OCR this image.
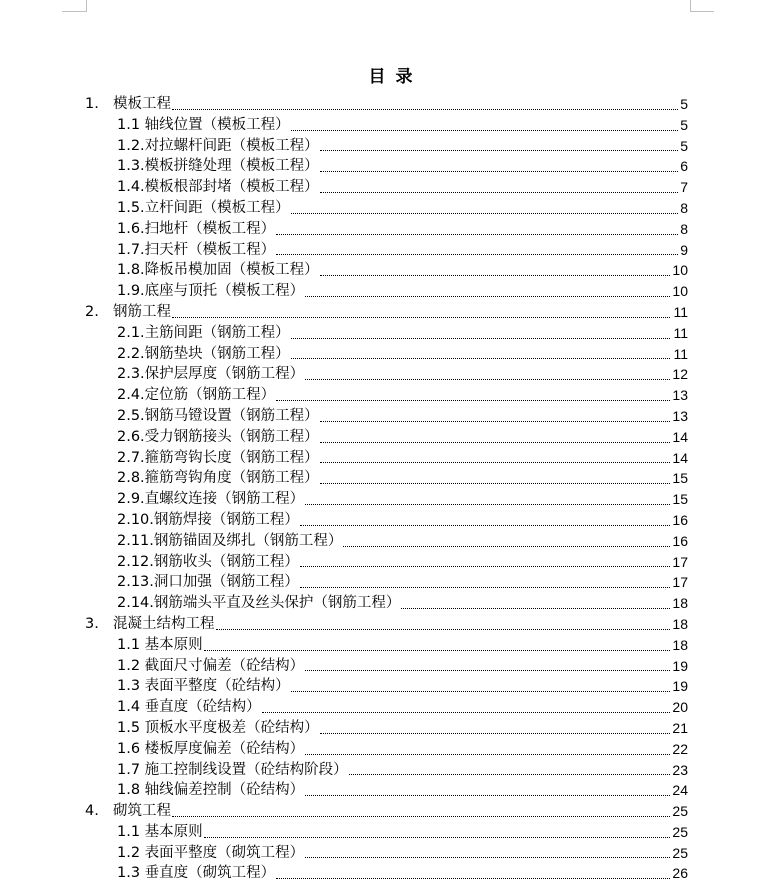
目 录
1. 模板工程	5
1.1 轴线位置（模板工程）	5
1.2.对拉螺杆间距（模板工程）	5
1.3.模板拼缝处理（模板工程）	6
1.4.模板根部封堵（模板工程）	7
1.5.立杆间距（模板工程）	8
1.6.扫地杆（模板工程）	8
1.7.扫天杆（模板工程）	9
1.8.降板吊模加固（模板工程）	10
1.9.底座与顶托（模板工程）	10
2. 钢筋工程	11
2.1.主筋间距（钢筋工程）	11
2.2.钢筋垫块（钢筋工程）	11
2.3.保护层厚度（钢筋工程）	12
2.4.定位筋（钢筋工程）	13
2.5.钢筋马镫设置（钢筋工程）	13
2.6.受力钢筋接头（钢筋工程）	14
2.7.箍筋弯钩长度（钢筋工程）	14
2.8.箍筋弯钩角度（钢筋工程）	15
2.9.直螺纹连接（钢筋工程）	15
2.10.钢筋焊接（钢筋工程）	16
2.11.钢筋锚固及绑扎（钢筋工程）	16
2.12.钢筋收头（钢筋工程）	17
2.13.洞口加强（钢筋工程）	17
2.14.钢筋端头平直及丝头保护（钢筋工程）	18
3. 混凝土结构工程	18
1.1 基本原则	18
1.2 截面尺寸偏差（砼结构）	19
1.3 表面平整度（砼结构）	19
1.4 垂直度（砼结构）	20
1.5 顶板水平度极差（砼结构）	21
1.6 楼板厚度偏差（砼结构）	22
1.7 施工控制线设置（砼结构阶段）	23
1.8 轴线偏差控制（砼结构）	24
4. 砌筑工程	25
1.1 基本原则	25
1.2 表面平整度（砌筑工程）	25
1.3 垂直度（砌筑工程）	26
